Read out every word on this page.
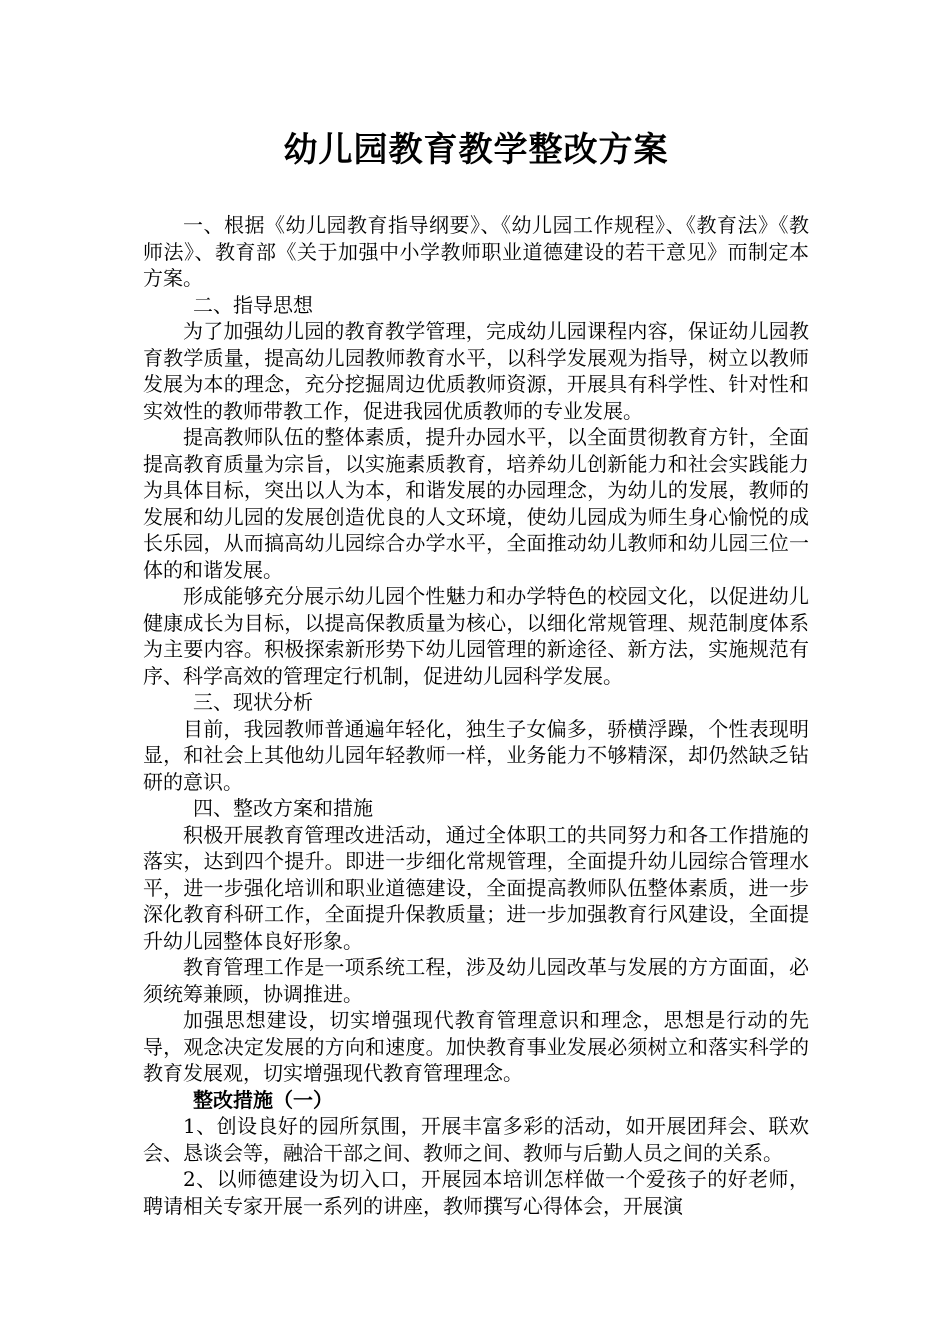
幼儿园教育教学整改方案

一、根据《幼儿园教育指导纲要》、《幼儿园工作规程》、《教育法》《教师法》、教育部《关于加强中小学教师职业道德建设的若干意见》而制定本方案。

二、指导思想

为了加强幼儿园的教育教学管理，完成幼儿园课程内容，保证幼儿园教育教学质量，提高幼儿园教师教育水平，以科学发展观为指导，树立以教师发展为本的理念，充分挖掘周边优质教师资源，开展具有科学性、针对性和实效性的教师带教工作，促进我园优质教师的专业发展。

提高教师队伍的整体素质，提升办园水平，以全面贯彻教育方针，全面提高教育质量为宗旨，以实施素质教育，培养幼儿创新能力和社会实践能力为具体目标，突出以人为本，和谐发展的办园理念，为幼儿的发展，教师的发展和幼儿园的发展创造优良的人文环境，使幼儿园成为师生身心愉悦的成长乐园，从而搞高幼儿园综合办学水平，全面推动幼儿教师和幼儿园三位一体的和谐发展。

形成能够充分展示幼儿园个性魅力和办学特色的校园文化，以促进幼儿健康成长为目标，以提高保教质量为核心，以细化常规管理、规范制度体系为主要内容。积极探索新形势下幼儿园管理的新途径、新方法，实施规范有序、科学高效的管理定行机制，促进幼儿园科学发展。

三、现状分析

目前，我园教师普通遍年轻化，独生子女偏多，骄横浮躁，个性表现明显，和社会上其他幼儿园年轻教师一样，业务能力不够精深，却仍然缺乏钻研的意识。

四、整改方案和措施

积极开展教育管理改进活动，通过全体职工的共同努力和各工作措施的落实，达到四个提升。即进一步细化常规管理，全面提升幼儿园综合管理水平，进一步强化培训和职业道德建设，全面提高教师队伍整体素质，进一步深化教育科研工作，全面提升保教质量；进一步加强教育行风建设，全面提升幼儿园整体良好形象。

教育管理工作是一项系统工程，涉及幼儿园改革与发展的方方面面，必须统筹兼顾，协调推进。

加强思想建设，切实增强现代教育管理意识和理念，思想是行动的先导，观念决定发展的方向和速度。加快教育事业发展必须树立和落实科学的教育发展观，切实增强现代教育管理理念。

整改措施（一）

1、创设良好的园所氛围，开展丰富多彩的活动，如开展团拜会、联欢会、恳谈会等，融洽干部之间、教师之间、教师与后勤人员之间的关系。

2、以师德建设为切入口，开展园本培训怎样做一个爱孩子的好老师，聘请相关专家开展一系列的讲座，教师撰写心得体会，开展演
